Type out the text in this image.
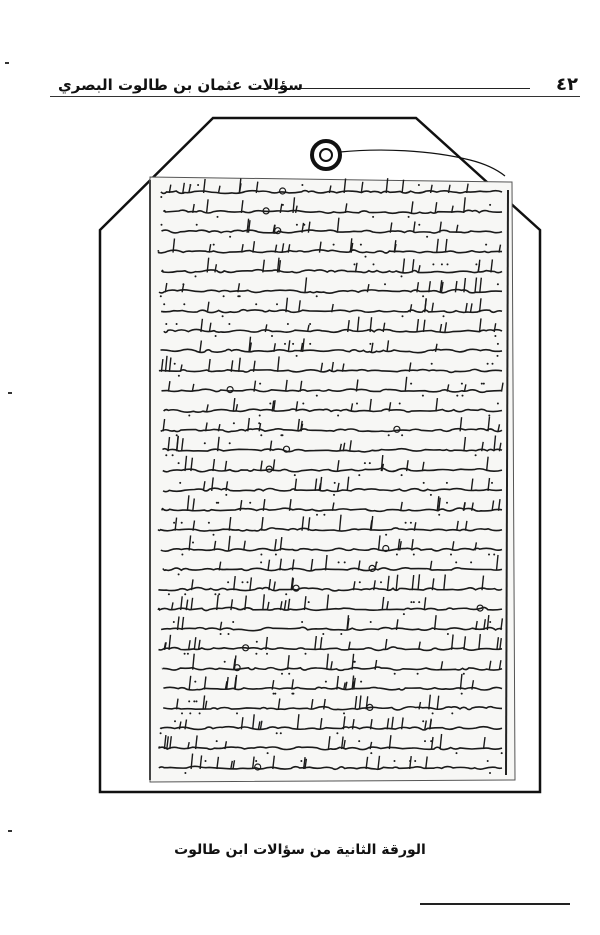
٤٢
سؤالات عثمان بن طالوت البصري
الورقة الثانية من سؤالات ابن طالوت
